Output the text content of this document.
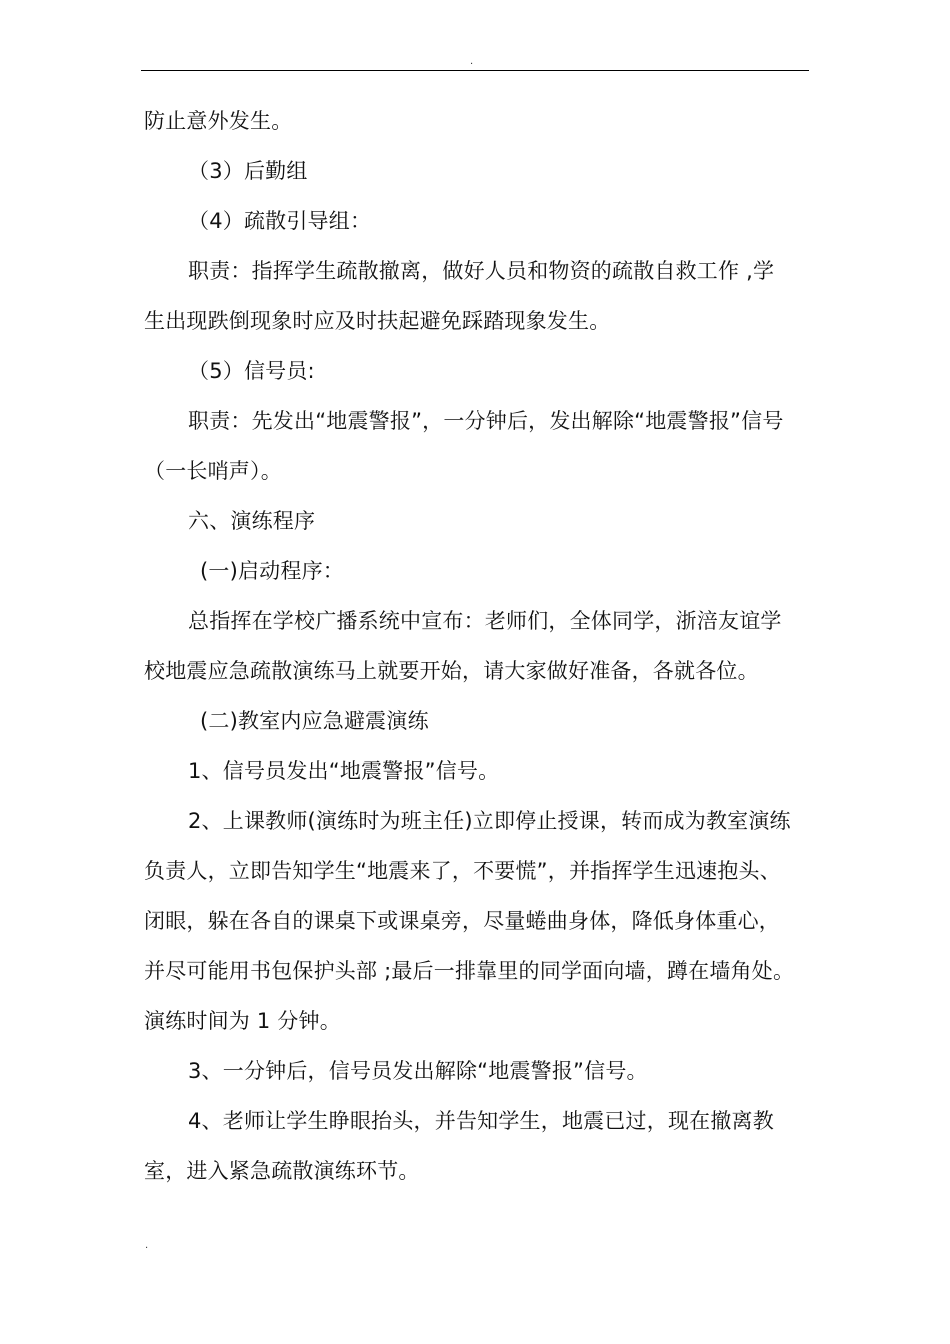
.
防止意外发生。
（3）后勤组
（4）疏散引导组：
职责：指挥学生疏散撤离，做好人员和物资的疏散自救工作 ,学
生出现跌倒现象时应及时扶起避免踩踏现象发生。
（5）信号员:
职责：先发出“地震警报”，一分钟后，发出解除“地震警报”信号
（一长哨声）。
六、演练程序
(一)启动程序：
总指挥在学校广播系统中宣布：老师们，全体同学，浙涪友谊学
校地震应急疏散演练马上就要开始，请大家做好准备，各就各位。
(二)教室内应急避震演练
1、信号员发出“地震警报”信号。
2、上课教师(演练时为班主任)立即停止授课，转而成为教室演练
负责人，立即告知学生“地震来了，不要慌”，并指挥学生迅速抱头、
闭眼，躲在各自的课桌下或课桌旁，尽量蜷曲身体，降低身体重心，
并尽可能用书包保护头部 ;最后一排靠里的同学面向墙，蹲在墙角处。
演练时间为 1 分钟。
3、一分钟后，信号员发出解除“地震警报”信号。
4、老师让学生睁眼抬头，并告知学生，地震已过，现在撤离教
室，进入紧急疏散演练环节。
.
